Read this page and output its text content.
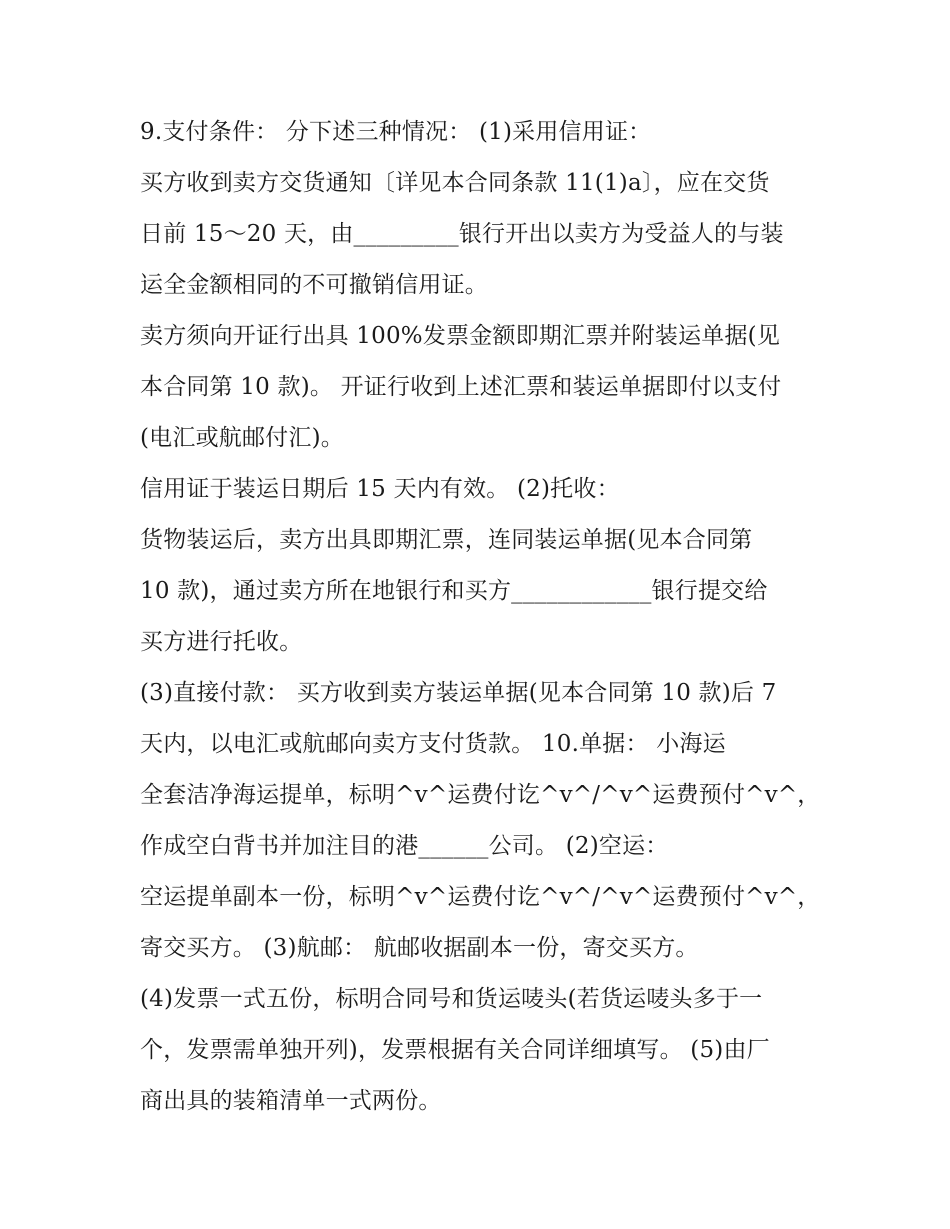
9.支付条件： 分下述三种情况： (1)采用信用证：
买方收到卖方交货通知〔详见本合同条款 11(1)a〕，应在交货
日前 15～20 天，由_________银行开出以卖方为受益人的与装
运全金额相同的不可撤销信用证。
卖方须向开证行出具 100%发票金额即期汇票并附装运单据(见
本合同第 10 款)。 开证行收到上述汇票和装运单据即付以支付
(电汇或航邮付汇)。
信用证于装运日期后 15 天内有效。 (2)托收：
货物装运后，卖方出具即期汇票，连同装运单据(见本合同第
10 款)，通过卖方所在地银行和买方____________银行提交给
买方进行托收。
(3)直接付款： 买方收到卖方装运单据(见本合同第 10 款)后 7
天内，以电汇或航邮向卖方支付货款。 10.单据： 小海运
全套洁净海运提单，标明^v^运费付讫^v^/^v^运费预付^v^，
作成空白背书并加注目的港______公司。 (2)空运：
空运提单副本一份，标明^v^运费付讫^v^/^v^运费预付^v^，
寄交买方。 (3)航邮： 航邮收据副本一份，寄交买方。
(4)发票一式五份，标明合同号和货运唛头(若货运唛头多于一
个，发票需单独开列)，发票根据有关合同详细填写。 (5)由厂
商出具的装箱清单一式两份。
